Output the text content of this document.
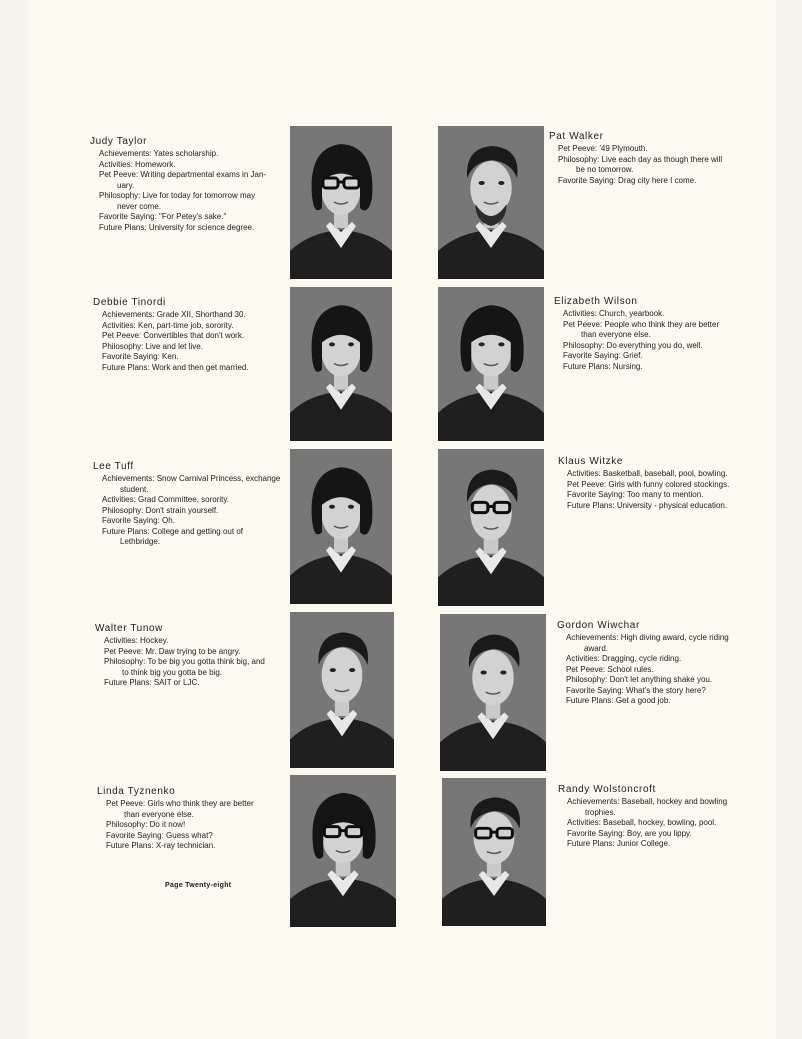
Judy Taylor
Achievements: Yates scholarship.
Activities: Homework.
Pet Peeve: Writing departmental exams in Jan-
uary.
Philosophy: Live for today for tomorrow may
never come.
Favorite Saying: "For Petey's sake."
Future Plans: University for science degree.
Debbie Tinordi
Achievements: Grade XII, Shorthand 30.
Activities: Ken, part-time job, sorority.
Pet Peeve: Convertibles that don't work.
Philosophy: Live and let live.
Favorite Saying: Ken.
Future Plans: Work and then get married.
Lee Tuff
Achievements: Snow Carnival Princess, exchange
student.
Activities: Grad Committee, sorority.
Philosophy: Don't strain yourself.
Favorite Saying: Oh.
Future Plans: College and getting out of
Lethbridge.
Walter Tunow
Activities: Hockey.
Pet Peeve: Mr. Daw trying to be angry.
Philosophy: To be big you gotta think big, and
to think big you gotta be big.
Future Plans: SAIT or LJC.
Linda Tyznenko
Pet Peeve: Girls who think they are better
than everyone else.
Philosophy: Do it now!
Favorite Saying: Guess what?
Future Plans: X-ray technician.
Pat Walker
Pet Peeve: '49 Plymouth.
Philosophy: Live each day as though there will
be no tomorrow.
Favorite Saying: Drag city here I come.
Elizabeth Wilson
Activities: Church, yearbook.
Pet Peeve: People who think they are better
than everyone else.
Philosophy: Do everything you do, well.
Favorite Saying: Grief.
Future Plans: Nursing.
Klaus Witzke
Activities: Basketball, baseball, pool, bowling.
Pet Peeve: Girls with funny colored stockings.
Favorite Saying: Too many to mention.
Future Plans: University - physical education.
Gordon Wiwchar
Achievements: High diving award, cycle riding
award.
Activities: Dragging, cycle riding.
Pet Peeve: School rules.
Philosophy: Don't let anything shake you.
Favorite Saying: What's the story here?
Future Plans: Get a good job.
Randy Wolstoncroft
Achievements: Baseball, hockey and bowling
trophies.
Activities: Baseball, hockey, bowling, pool.
Favorite Saying: Boy, are you lippy.
Future Plans: Junior College.
Page Twenty-eight
